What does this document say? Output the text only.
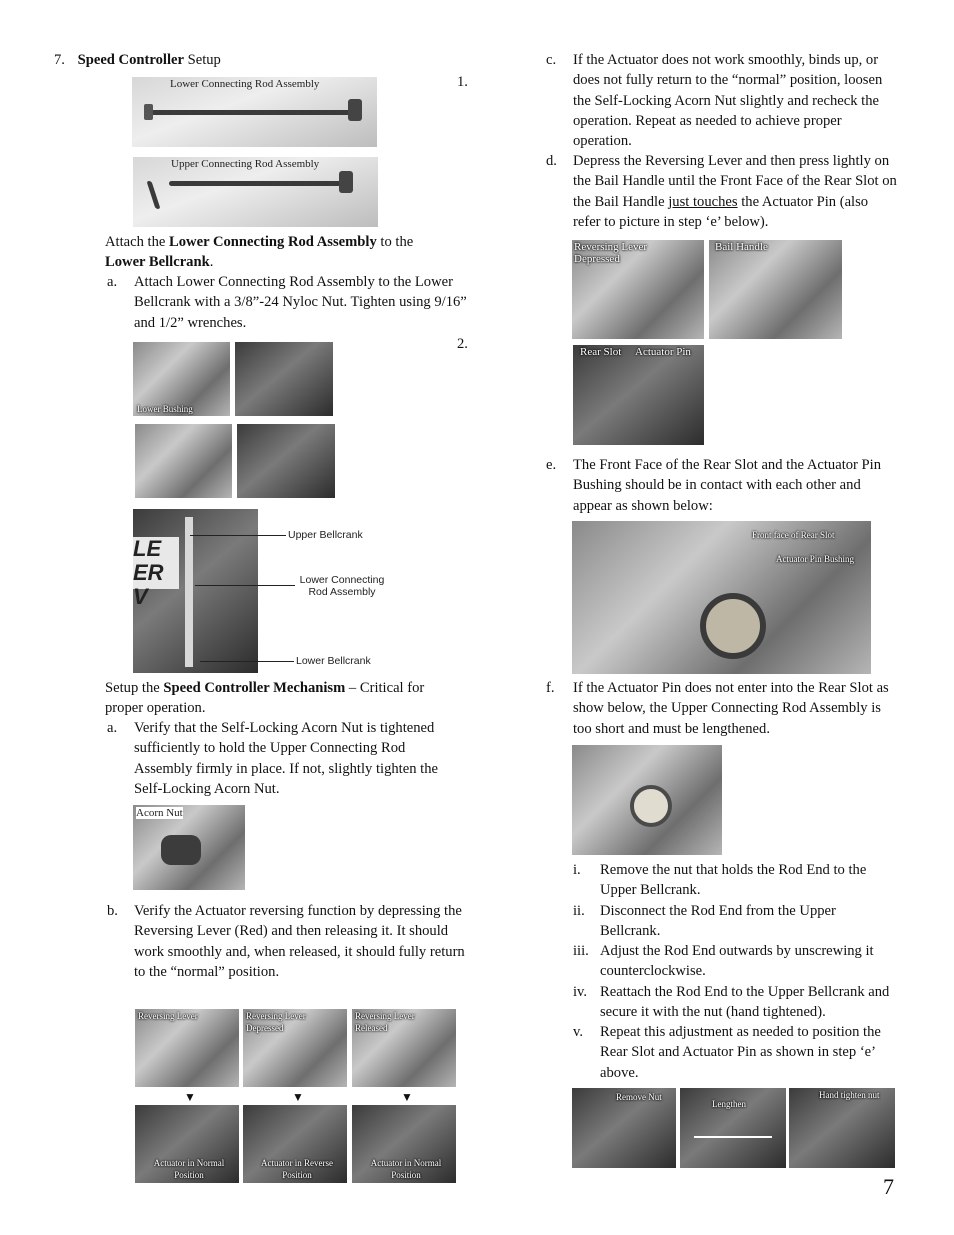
7. Speed Controller Setup
1.
Lower Connecting Rod Assembly
Upper Connecting Rod Assembly
Attach the Lower Connecting Rod Assembly to the
Lower Bellcrank.
a. Attach Lower Connecting Rod Assembly to the Lower Bellcrank with a 3/8”-24 Nyloc Nut. Tighten using 9/16” and 1/2” wrenches.
2.
Lower Bushing
LE ER V
Upper Bellcrank
Lower Connecting Rod Assembly
Lower Bellcrank
Setup the Speed Controller Mechanism – Critical for proper operation.
a. Verify that the Self-Locking Acorn Nut is tightened sufficiently to hold the Upper Connecting Rod Assembly firmly in place. If not, slightly tighten the Self-Locking Acorn Nut.
Acorn Nut
b. Verify the Actuator reversing function by depressing the Reversing Lever (Red) and then releasing it. It should work smoothly and, when released, it should fully return to the “normal” position.
Reversing Lever	Reversing Lever Depressed
Reversing Lever Released
▼	▼	▼
Actuator in Normal Position
Actuator in Reverse Position
Actuator in Normal Position
c. If the Actuator does not work smoothly, binds up, or does not fully return to the “normal” position, loosen the Self-Locking Acorn Nut slightly and recheck the operation. Repeat as needed to achieve proper operation.
d. Depress the Reversing Lever and then press lightly on the Bail Handle until the Front Face of the Rear Slot on the Bail Handle just touches the Actuator Pin (also refer to picture in step ‘e’ below).
Reversing Lever Depressed
Bail Handle
Rear Slot Actuator Pin
e. The Front Face of the Rear Slot and the Actuator Pin Bushing should be in contact with each other and appear as shown below:
Front face of Rear Slot
Actuator Pin Bushing
f. If the Actuator Pin does not enter into the Rear Slot as show below, the Upper Connecting Rod Assembly is too short and must be lengthened.
i. Remove the nut that holds the Rod End to the Upper Bellcrank.
ii. Disconnect the Rod End from the Upper Bellcrank.
iii. Adjust the Rod End outwards by unscrewing it counterclockwise.
iv. Reattach the Rod End to the Upper Bellcrank and secure it with the nut (hand tightened).
v. Repeat this adjustment as needed to position the Rear Slot and Actuator Pin as shown in step ‘e’ above.
Remove Nut
Lengthen
Hand tighten nut
7
